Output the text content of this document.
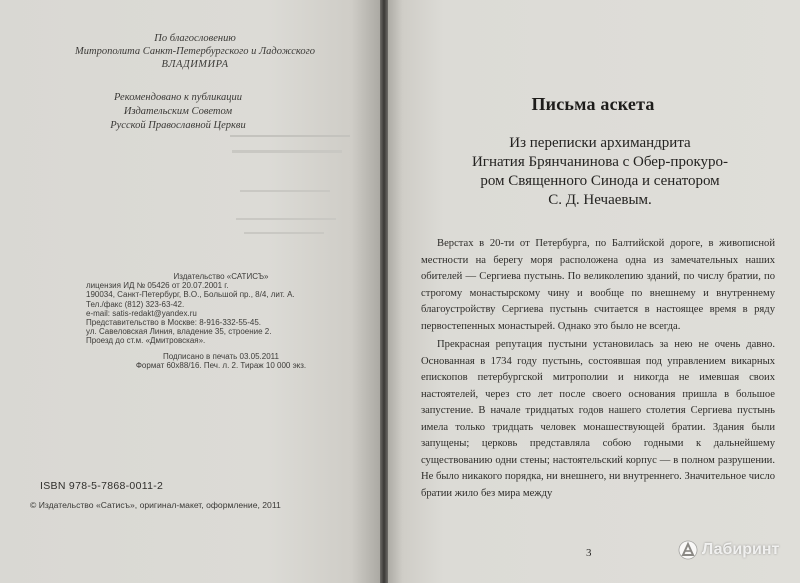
По благословению
Митрополита Санкт-Петербургского и Ладожского
ВЛАДИМИРА
Рекомендовано к публикации
Издательским Советом
Русской Православной Церкви
Издательство «САТИСЪ»
лицензия ИД № 05426 от 20.07.2001 г.
190034, Санкт-Петербург, В.О., Большой пр., 8/4, лит. А.
Тел./факс (812) 323-63-42.
e-mail: satis-redakt@yandex.ru
Представительство в Москве: 8-916-332-55-45.
ул. Савеловская Линия, владение 35, строение 2.
Проезд до ст.м. «Дмитровская».
Подписано в печать 03.05.2011
Формат 60х88/16. Печ. л. 2. Тираж 10 000 экз.
ISBN 978-5-7868-0011-2
© Издательство «Сатисъ», оригинал-макет, оформление, 2011
Письма аскета
Из переписки архимандрита
Игнатия Брянчанинова с Обер-прокуро-
ром Священного Синода и сенатором
С. Д. Нечаевым.

Верстах в 20-ти от Петербурга, по Балтийской дороге, в живописной местности на берегу моря расположена одна из замечательных наших обителей — Сергиева пустынь. По великолепию зданий, по числу братии, по строгому монастырскому чину и вообще по внешнему и внутреннему благоустройству Сергиева пустынь считается в настоящее время в ряду первостепенных монастырей. Однако это было не всегда.

Прекрасная репутация пустыни установилась за нею не очень давно. Основанная в 1734 году пустынь, состоявшая под управлением викарных епископов петербургской митрополии и никогда не имевшая своих настоятелей, через сто лет после своего основания пришла в большое запустение. В начале тридцатых годов нашего столетия Сергиева пустынь имела только тридцать человек монашествующей братии. Здания были запущены; церковь представляла собою годными к дальнейшему существованию одни стены; настоятельский корпус — в полном разрушении. Не было никакого порядка, ни внешнего, ни внутреннего. Значительное число братии жило без мира между

3	Лабиринт
